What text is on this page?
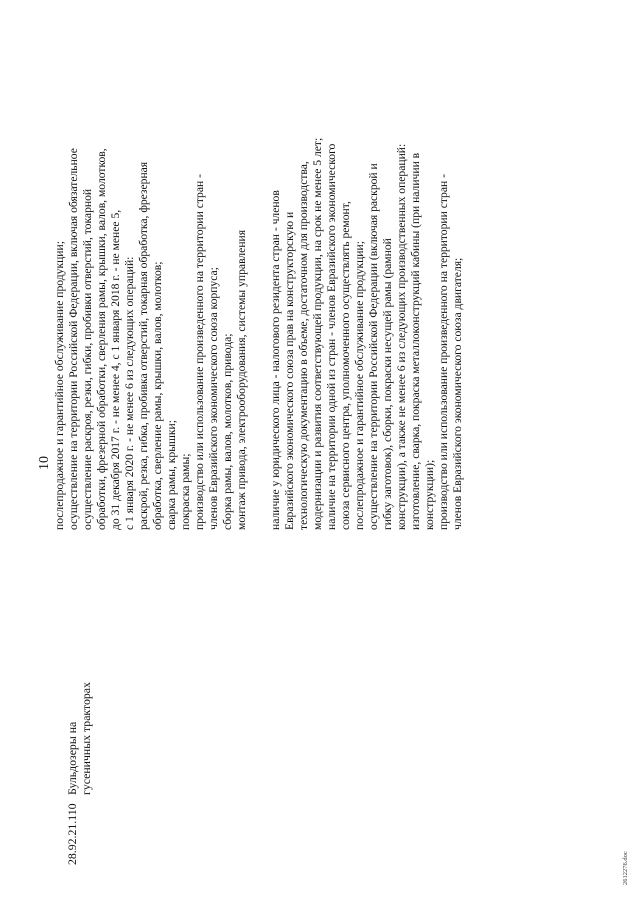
10 послепродажное и гарантийное обслуживание продукции; осуществление на территории Российской Федерации, включая обязательное осуществление раскроя, резки, гибки, пробивки отверстий, токарной обработки, фрезерной обработки, сверления рамы, крышки, валов, молотков, до 31 декабря 2017 г. - не менее 4, с 1 января 2018 г. - не менее 5, с 1 января 2020 г. - не менее 6 из следующих операций: раскрой, резка, гибка, пробивка отверстий, токарная обработка, фрезерная обработка, сверление рамы, крышки, валов, молотков; сварка рамы, крышки; покраска рамы; производство или использование произведенного на территории стран - членов Евразийского экономического союза корпуса; сборка рамы, валов, молотков, привода; монтаж привода, электрооборудования, системы управления
28.92.21.110
Бульдозеры на гусеничных тракторах
наличие у юридического лица - налогового резидента стран - членов Евразийского экономического союза прав на конструкторскую и технологическую документацию в объеме, достаточном для производства, модернизации и развития соответствующей продукции, на срок не менее 5 лет; наличие на территории одной из стран - членов Евразийского экономического союза сервисного центра, уполномоченного осуществлять ремонт, послепродажное и гарантийное обслуживание продукции; осуществление на территории Российской Федерации (включая раскрой и гибку заготовок), сборки, покраски несущей рамы (рамной конструкции), а также не менее 6 из следующих производственных операций: изготовление, сварка, покраска металлоконструкций кабины (при наличии в конструкции); производство или использование произведенного на территории стран - членов Евразийского экономического союза двигателя;
2612276.doc
